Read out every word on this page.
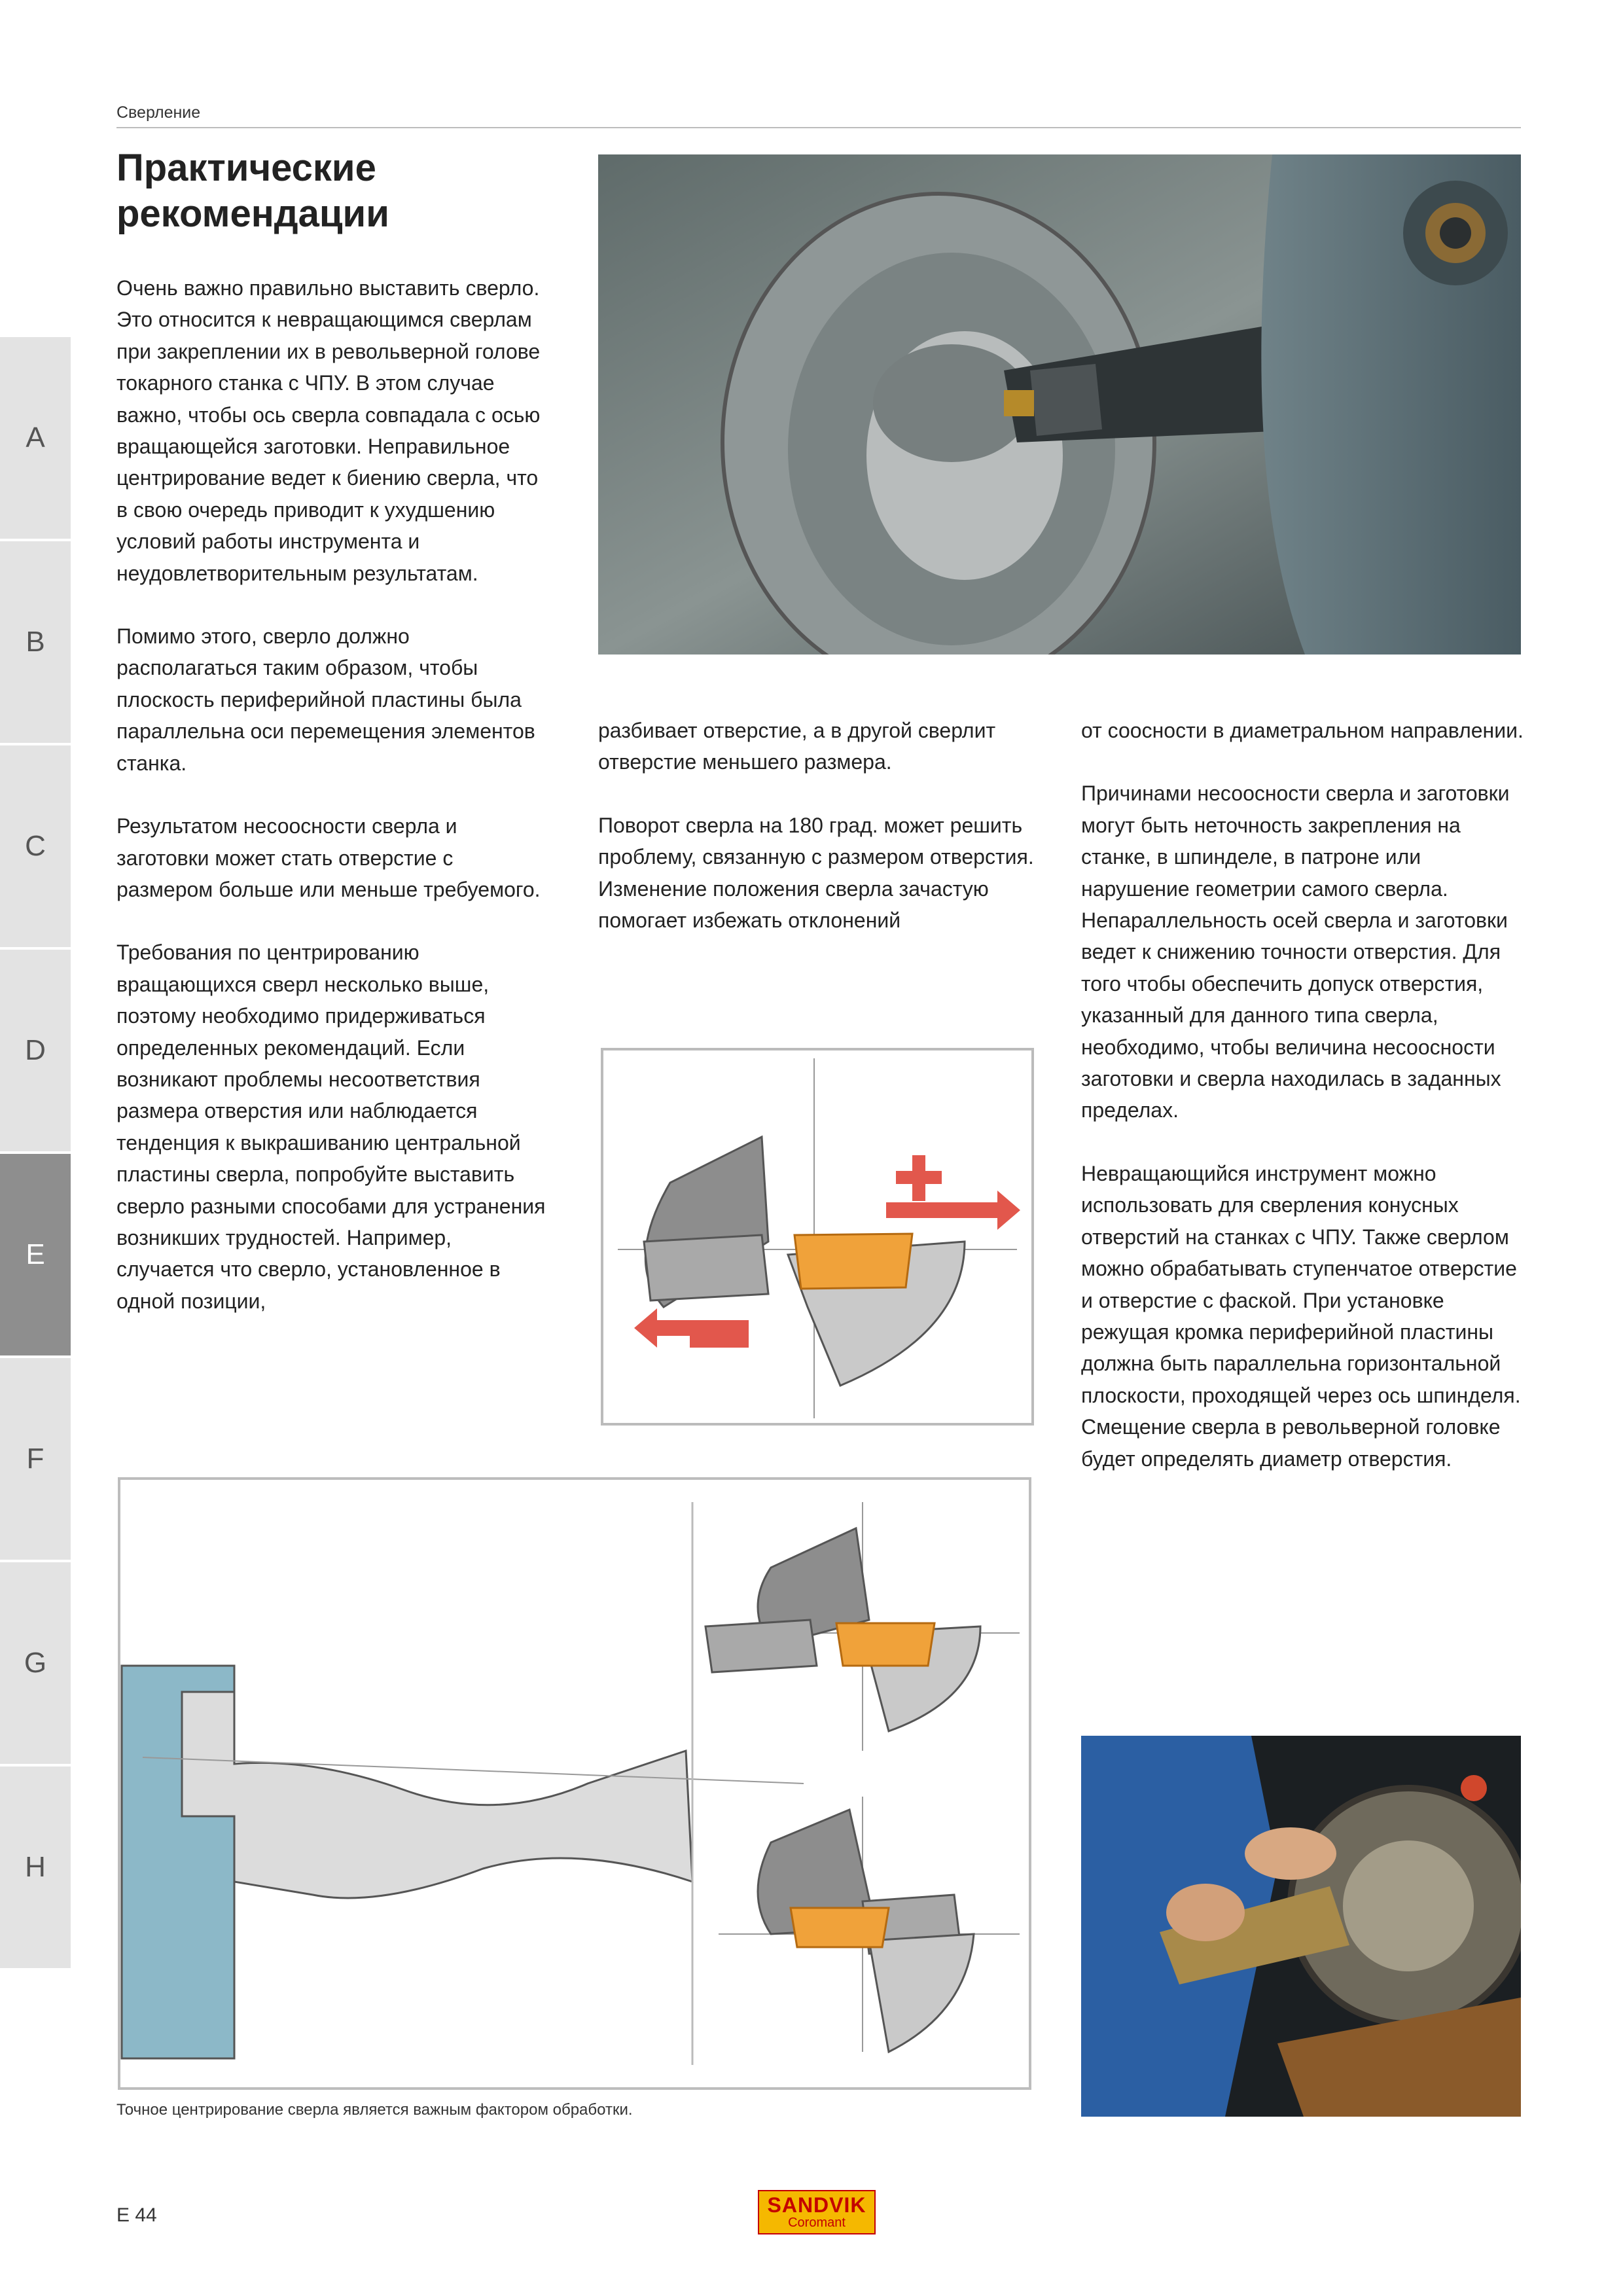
Сверление
Практические
рекомендации
A
B
C
D
E
F
G
H

Очень важно правильно выставить сверло. Это относится к невращающимся сверлам при закреплении их в револьверной голове токарного станка с ЧПУ. В этом случае важно, чтобы ось сверла совпадала с осью вращающейся заготовки. Неправильное центрирование ведет к биению сверла, что в свою очередь приводит к ухудшению условий работы инструмента и неудовлетворительным результатам.

Помимо этого, сверло должно располагаться таким образом, чтобы плоскость периферийной пластины была параллельна оси перемещения элементов станка.

Результатом несоосности сверла и заготовки может стать отверстие с размером больше или меньше требуемого.

Требования по центрированию вращающихся сверл несколько выше, поэтому необходимо придерживаться определенных рекомендаций. Если возникают проблемы несоответствия размера отверстия или наблюдается тенденция к выкрашиванию центральной пластины сверла, попробуйте выставить сверло разными способами для устранения возникших трудностей. Например, случается что сверло, установленное в одной позиции,

разбивает отверстие, а в другой сверлит отверстие меньшего размера.

Поворот сверла на 180 град. может решить проблему, связанную с размером отверстия. Изменение положения сверла зачастую помогает избежать отклонений

от соосности в диаметральном направлении.

Причинами несоосности сверла и заготовки могут быть неточность закрепления на станке, в шпинделе, в патроне или нарушение геометрии самого сверла. Непараллельность осей сверла и заготовки ведет к снижению точности отверстия. Для того чтобы обеспечить допуск отверстия, указанный для данного типа сверла, необходимо, чтобы величина несоосности заготовки и сверла находилась в заданных пределах.

Невращающийся инструмент можно использовать для сверления конусных отверстий на станках с ЧПУ. Также сверлом можно обрабатывать ступенчатое отверстие и отверстие с фаской. При установке режущая кромка периферийной пластины должна быть параллельна горизонтальной плоскости, проходящей через ось шпинделя. Смещение сверла в револьверной головке будет определять диаметр отверстия.

Точное центрирование сверла является важным фактором обработки.
E 44	SANDVIK
Coromant
